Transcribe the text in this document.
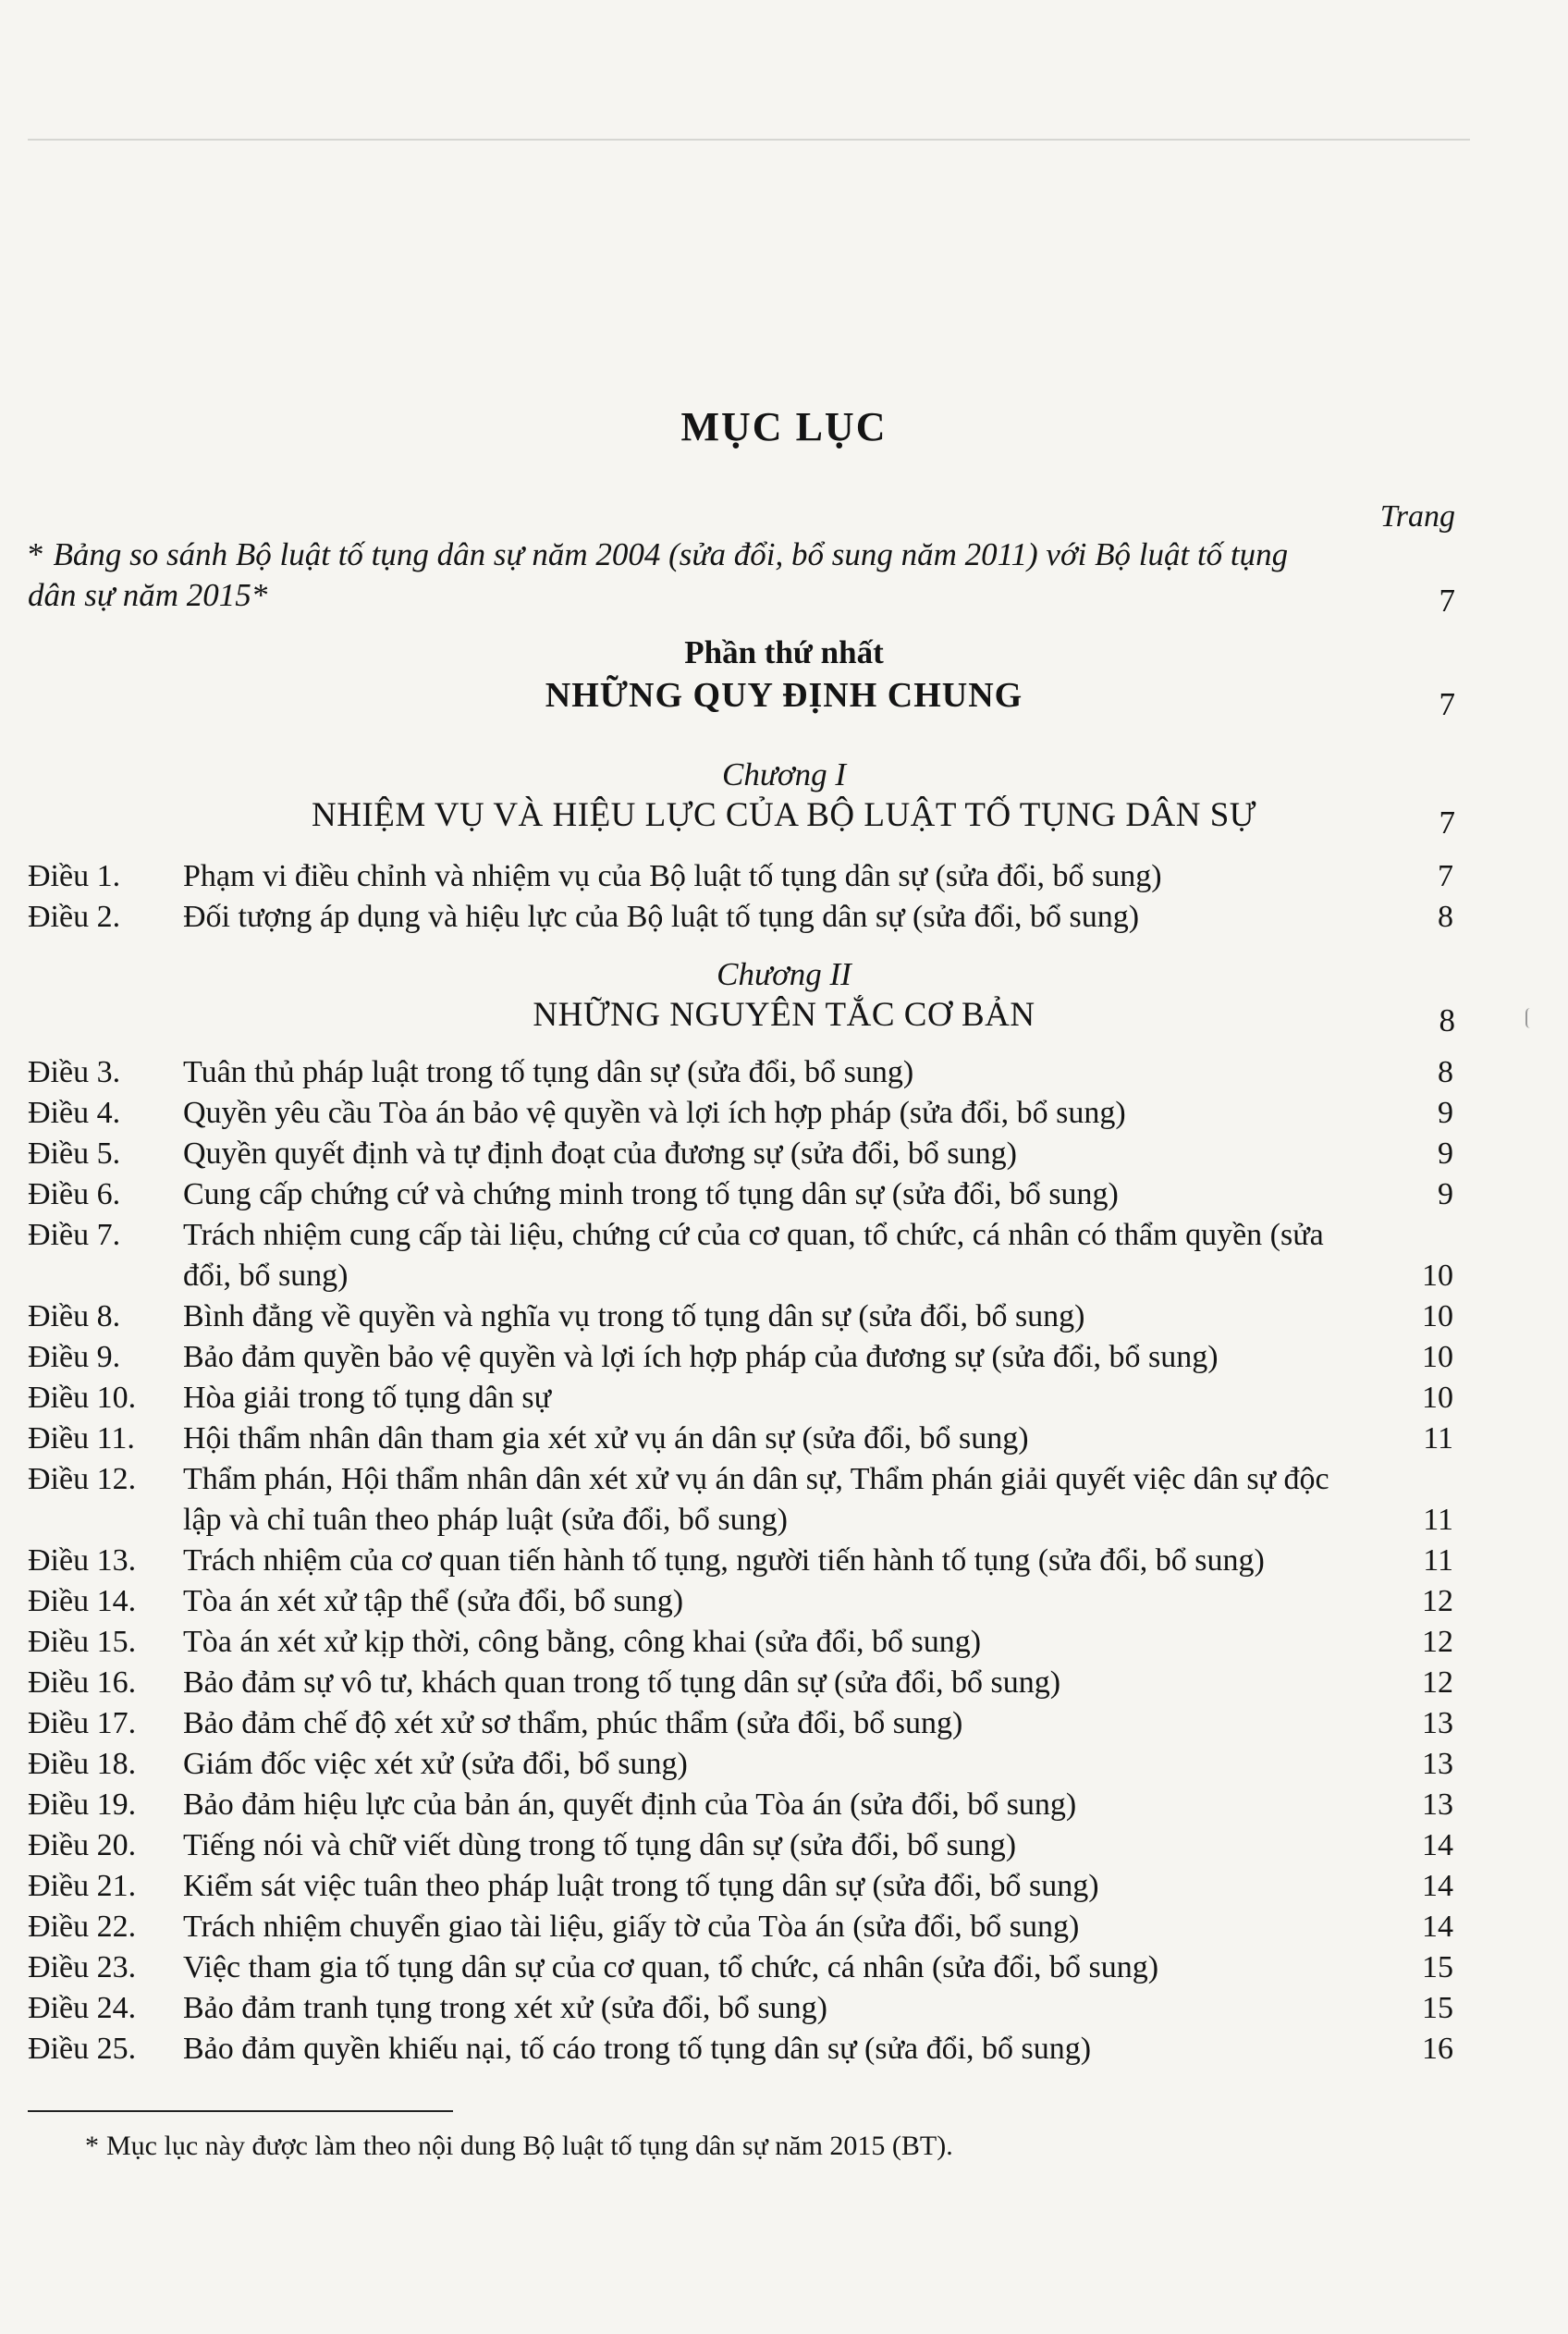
MỤC LỤC
Trang
* Bảng so sánh Bộ luật tố tụng dân sự năm 2004 (sửa đổi, bổ sung năm 2011) với Bộ luật tố tụng dân sự năm 2015*	7
Phần thứ nhất
NHỮNG QUY ĐỊNH CHUNG	7
Chương I
NHIỆM VỤ VÀ HIỆU LỰC CỦA BỘ LUẬT TỐ TỤNG DÂN SỰ	7
Chương II
NHỮNG NGUYÊN TẮC CƠ BẢN	8
Điều 1. Phạm vi điều chỉnh và nhiệm vụ của Bộ luật tố tụng dân sự (sửa đổi, bổ sung)	7
Điều 2. Đối tượng áp dụng và hiệu lực của Bộ luật tố tụng dân sự (sửa đổi, bổ sung)	8
Điều 3. Tuân thủ pháp luật trong tố tụng dân sự (sửa đổi, bổ sung)	8
Điều 4. Quyền yêu cầu Tòa án bảo vệ quyền và lợi ích hợp pháp (sửa đổi, bổ sung)	9
Điều 5. Quyền quyết định và tự định đoạt của đương sự (sửa đổi, bổ sung)	9
Điều 6. Cung cấp chứng cứ và chứng minh trong tố tụng dân sự (sửa đổi, bổ sung)	9
Điều 7. Trách nhiệm cung cấp tài liệu, chứng cứ của cơ quan, tổ chức, cá nhân có thẩm quyền (sửa đổi, bổ sung)	10
Điều 8. Bình đẳng về quyền và nghĩa vụ trong tố tụng dân sự (sửa đổi, bổ sung)	10
Điều 9. Bảo đảm quyền bảo vệ quyền và lợi ích hợp pháp của đương sự (sửa đổi, bổ sung)	10
Điều 10. Hòa giải trong tố tụng dân sự	10
Điều 11. Hội thẩm nhân dân tham gia xét xử vụ án dân sự (sửa đổi, bổ sung)	11
Điều 12. Thẩm phán, Hội thẩm nhân dân xét xử vụ án dân sự, Thẩm phán giải quyết việc dân sự độc lập và chỉ tuân theo pháp luật (sửa đổi, bổ sung)	11
Điều 13. Trách nhiệm của cơ quan tiến hành tố tụng, người tiến hành tố tụng (sửa đổi, bổ sung)	11
Điều 14. Tòa án xét xử tập thể (sửa đổi, bổ sung)	12
Điều 15. Tòa án xét xử kịp thời, công bằng, công khai (sửa đổi, bổ sung)	12
Điều 16. Bảo đảm sự vô tư, khách quan trong tố tụng dân sự (sửa đổi, bổ sung)	12
Điều 17. Bảo đảm chế độ xét xử sơ thẩm, phúc thẩm (sửa đổi, bổ sung)	13
Điều 18. Giám đốc việc xét xử (sửa đổi, bổ sung)	13
Điều 19. Bảo đảm hiệu lực của bản án, quyết định của Tòa án (sửa đổi, bổ sung)	13
Điều 20. Tiếng nói và chữ viết dùng trong tố tụng dân sự (sửa đổi, bổ sung)	14
Điều 21. Kiểm sát việc tuân theo pháp luật trong tố tụng dân sự (sửa đổi, bổ sung)	14
Điều 22. Trách nhiệm chuyển giao tài liệu, giấy tờ của Tòa án (sửa đổi, bổ sung)	14
Điều 23. Việc tham gia tố tụng dân sự của cơ quan, tổ chức, cá nhân (sửa đổi, bổ sung)	15
Điều 24. Bảo đảm tranh tụng trong xét xử (sửa đổi, bổ sung)	15
Điều 25. Bảo đảm quyền khiếu nại, tố cáo trong tố tụng dân sự (sửa đổi, bổ sung)	16
* Mục lục này được làm theo nội dung Bộ luật tố tụng dân sự năm 2015 (BT).
